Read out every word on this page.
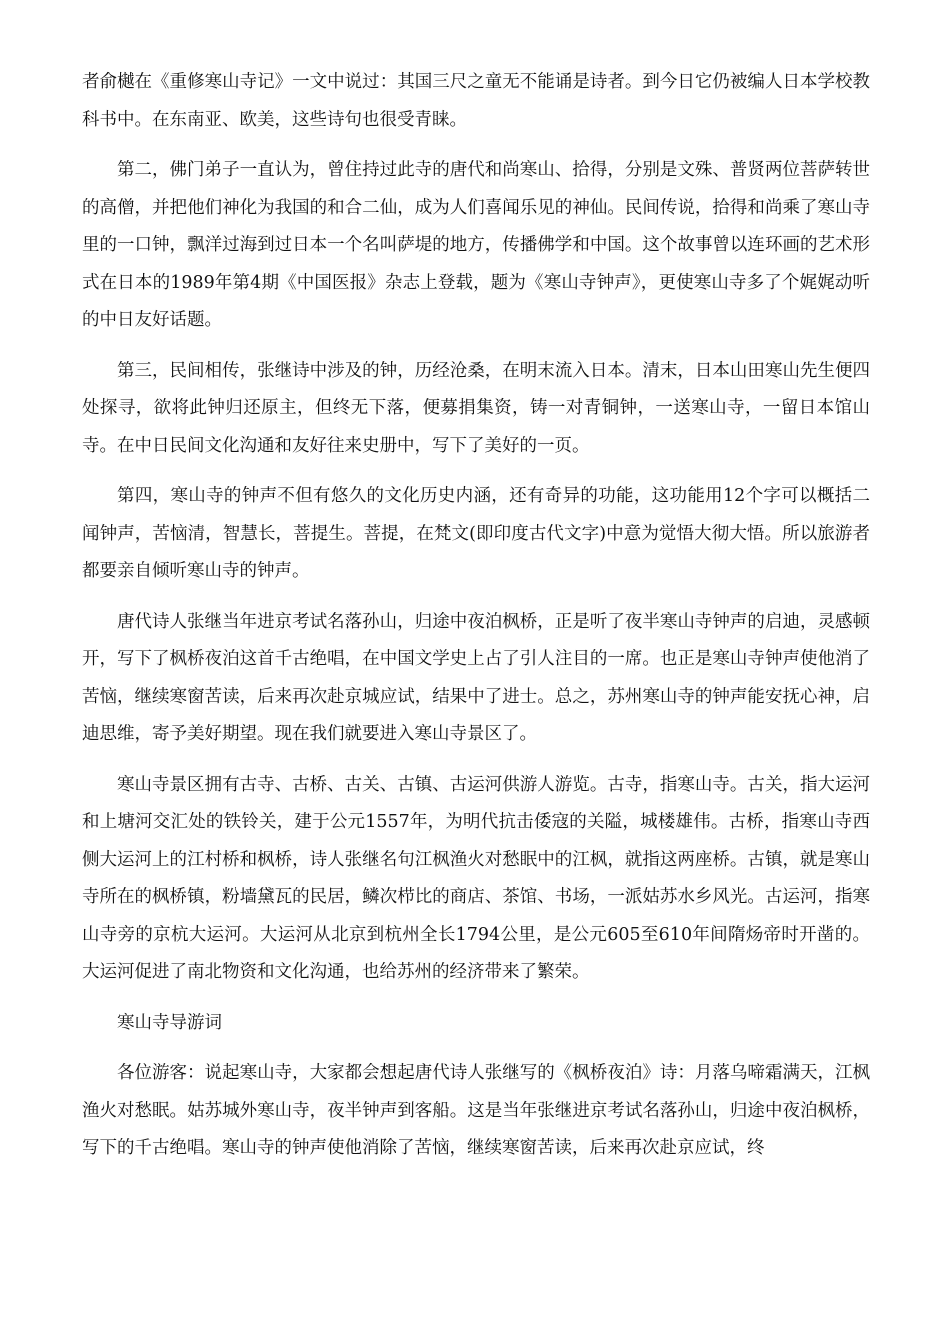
者俞樾在《重修寒山寺记》一文中说过：其国三尺之童无不能诵是诗者。到今日它仍被编人日本学校教科书中。在东南亚、欧美，这些诗句也很受青睐。

第二，佛门弟子一直认为，曾住持过此寺的唐代和尚寒山、拾得，分别是文殊、普贤两位菩萨转世的高僧，并把他们神化为我国的和合二仙，成为人们喜闻乐见的神仙。民间传说，拾得和尚乘了寒山寺里的一口钟，飘洋过海到过日本一个名叫萨堤的地方，传播佛学和中国。这个故事曾以连环画的艺术形式在日本的1989年第4期《中国医报》杂志上登载，题为《寒山寺钟声》，更使寒山寺多了个娓娓动听的中日友好话题。

第三，民间相传，张继诗中涉及的钟，历经沧桑，在明末流入日本。清末，日本山田寒山先生便四处探寻，欲将此钟归还原主，但终无下落，便募捐集资，铸一对青铜钟，一送寒山寺，一留日本馆山寺。在中日民间文化沟通和友好往来史册中，写下了美好的一页。

第四，寒山寺的钟声不但有悠久的文化历史内涵，还有奇异的功能，这功能用12个字可以概括二闻钟声，苦恼清，智慧长，菩提生。菩提，在梵文(即印度古代文字)中意为觉悟大彻大悟。所以旅游者都要亲自倾听寒山寺的钟声。

唐代诗人张继当年进京考试名落孙山，归途中夜泊枫桥，正是听了夜半寒山寺钟声的启迪，灵感顿开，写下了枫桥夜泊这首千古绝唱，在中国文学史上占了引人注目的一席。也正是寒山寺钟声使他消了苦恼，继续寒窗苦读，后来再次赴京城应试，结果中了进士。总之，苏州寒山寺的钟声能安抚心神，启迪思维，寄予美好期望。现在我们就要进入寒山寺景区了。

寒山寺景区拥有古寺、古桥、古关、古镇、古运河供游人游览。古寺，指寒山寺。古关，指大运河和上塘河交汇处的铁铃关，建于公元1557年，为明代抗击倭寇的关隘，城楼雄伟。古桥，指寒山寺西侧大运河上的江村桥和枫桥，诗人张继名句江枫渔火对愁眠中的江枫，就指这两座桥。古镇，就是寒山寺所在的枫桥镇，粉墙黛瓦的民居，鳞次栉比的商店、茶馆、书场，一派姑苏水乡风光。古运河，指寒山寺旁的京杭大运河。大运河从北京到杭州全长1794公里，是公元605至610年间隋炀帝时开凿的。大运河促进了南北物资和文化沟通，也给苏州的经济带来了繁荣。

寒山寺导游词

各位游客：说起寒山寺，大家都会想起唐代诗人张继写的《枫桥夜泊》诗：月落乌啼霜满天，江枫渔火对愁眠。姑苏城外寒山寺，夜半钟声到客船。这是当年张继进京考试名落孙山，归途中夜泊枫桥，写下的千古绝唱。寒山寺的钟声使他消除了苦恼，继续寒窗苦读，后来再次赴京应试，终
